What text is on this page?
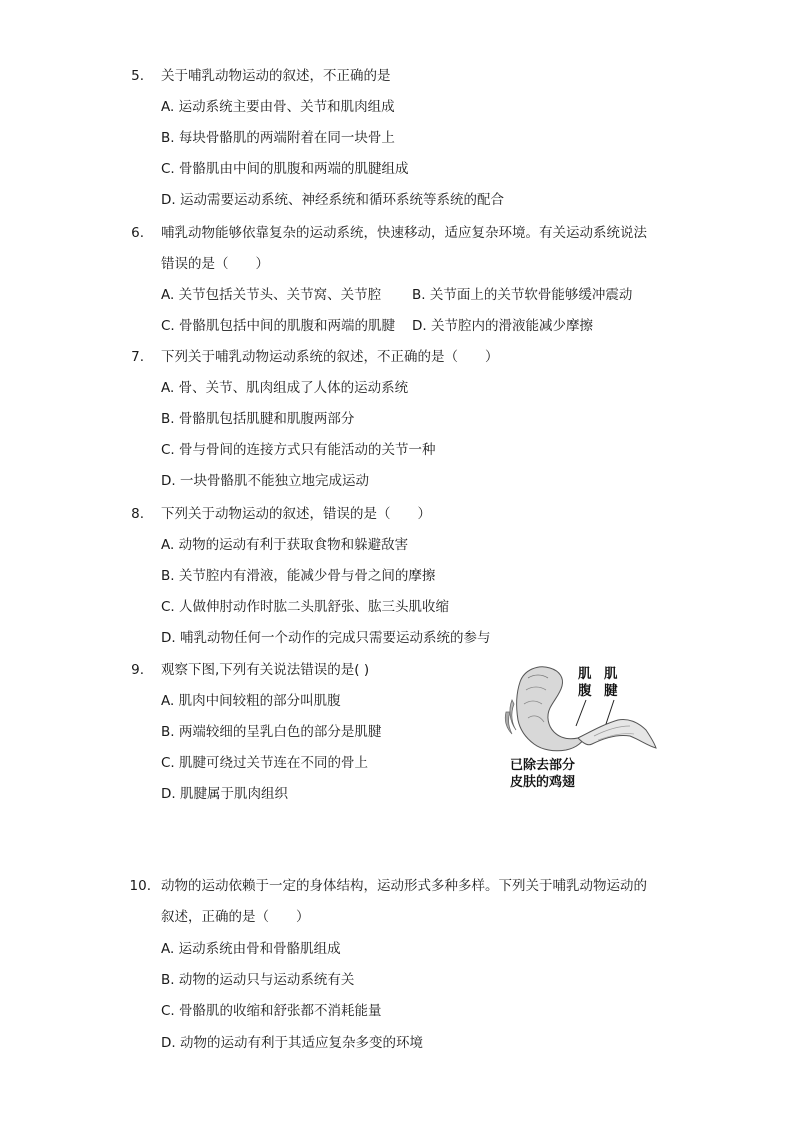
5. 关于哺乳动物运动的叙述，不正确的是
A. 运动系统主要由骨、关节和肌肉组成
B. 每块骨骼肌的两端附着在同一块骨上
C. 骨骼肌由中间的肌腹和两端的肌腱组成
D. 运动需要运动系统、神经系统和循环系统等系统的配合
6. 哺乳动物能够依靠复杂的运动系统，快速移动，适应复杂环境。有关运动系统说法
错误的是（　　）
A. 关节包括关节头、关节窝、关节腔 B. 关节面上的关节软骨能够缓冲震动
C. 骨骼肌包括中间的肌腹和两端的肌腱 D. 关节腔内的滑液能减少摩擦
7. 下列关于哺乳动物运动系统的叙述，不正确的是（　　）
A. 骨、关节、肌肉组成了人体的运动系统
B. 骨骼肌包括肌腱和肌腹两部分
C. 骨与骨间的连接方式只有能活动的关节一种
D. 一块骨骼肌不能独立地完成运动
8. 下列关于动物运动的叙述，错误的是（　　）
A. 动物的运动有利于获取食物和躲避敌害
B. 关节腔内有滑液，能减少骨与骨之间的摩擦
C. 人做伸肘动作时肱二头肌舒张、肱三头肌收缩
D. 哺乳动物任何一个动作的完成只需要运动系统的参与
9. 观察下图,下列有关说法错误的是( )
A. 肌肉中间较粗的部分叫肌腹
B. 两端较细的呈乳白色的部分是肌腱
C. 肌腱可绕过关节连在不同的骨上
D. 肌腱属于肌肉组织
肌
腹
肌
腱
已除去部分
皮肤的鸡翅
10. 动物的运动依赖于一定的身体结构，运动形式多种多样。下列关于哺乳动物运动的
叙述，正确的是（　　）
A. 运动系统由骨和骨骼肌组成
B. 动物的运动只与运动系统有关
C. 骨骼肌的收缩和舒张都不消耗能量
D. 动物的运动有利于其适应复杂多变的环境
